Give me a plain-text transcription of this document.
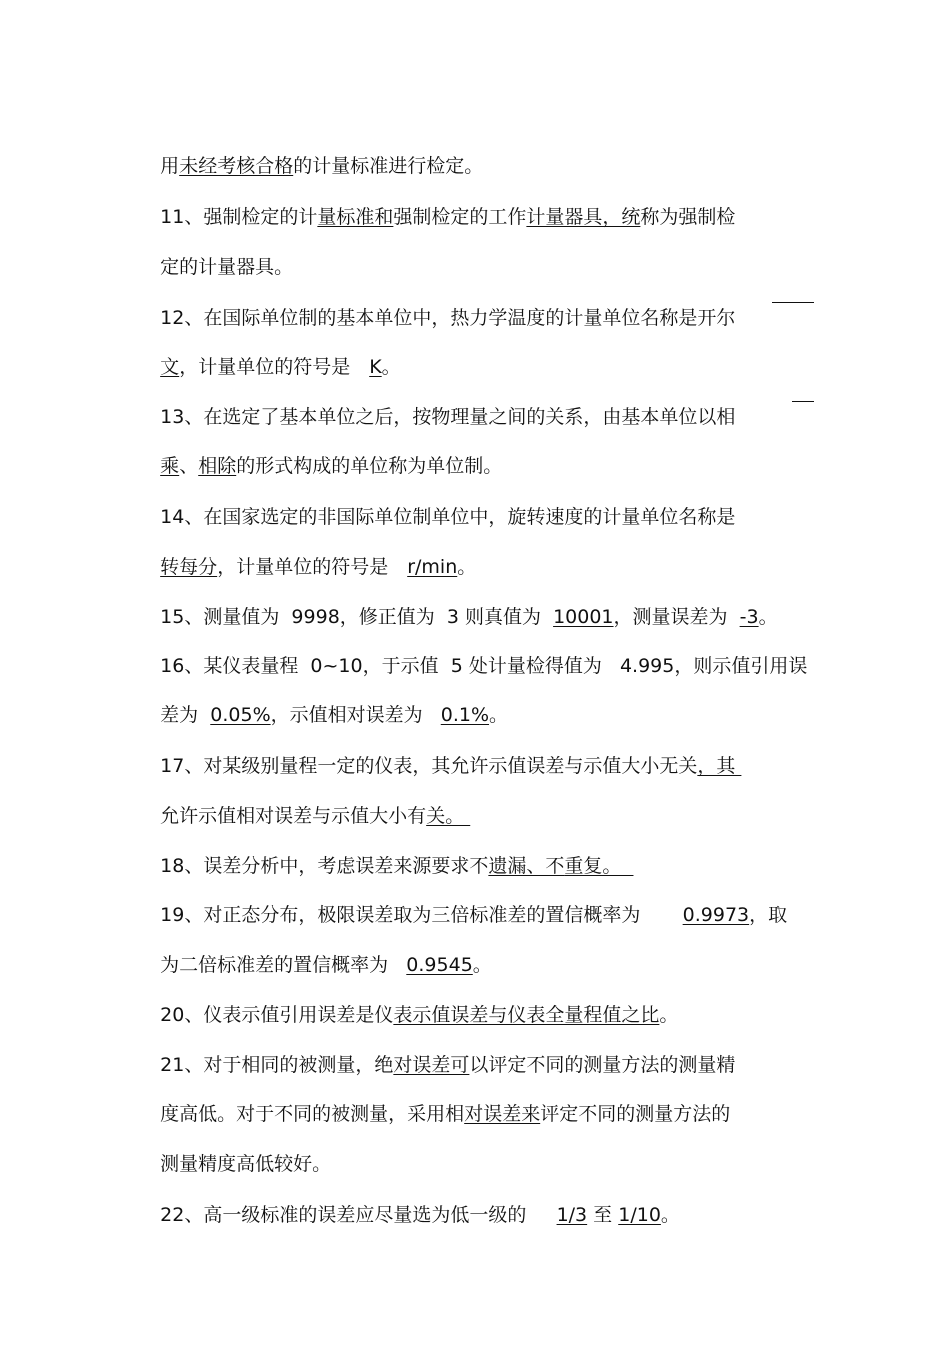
用未经考核合格的计量标准进行检定。

11、强制检定的计量标准和强制检定的工作计量器具，统称为强制检

定的计量器具。

12、在国际单位制的基本单位中，热力学温度的计量单位名称是开尔

文，计量单位的符号是　K。

13、在选定了基本单位之后，按物理量之间的关系，由基本单位以相

乘、相除的形式构成的单位称为单位制。

14、在国家选定的非国际单位制单位中，旋转速度的计量单位名称是

转每分，计量单位的符号是　r/min。

15、测量值为  9998，修正值为  3 则真值为  10001，测量误差为  -3。

16、某仪表量程  0~10，于示值  5 处计量检得值为   4.995，则示值引用误

差为  0.05%，示值相对误差为   0.1%。

17、对某级别量程一定的仪表，其允许示值误差与示值大小无关，其

允许示值相对误差与示值大小有关。

18、误差分析中，考虑误差来源要求不遗漏、不重复。

19、对正态分布，极限误差取为三倍标准差的置信概率为       0.9973，取

为二倍标准差的置信概率为   0.9545。

20、仪表示值引用误差是仪表示值误差与仪表全量程值之比。

21、对于相同的被测量，绝对误差可以评定不同的测量方法的测量精

度高低。对于不同的被测量，采用相对误差来评定不同的测量方法的

测量精度高低较好。

22、高一级标准的误差应尽量选为低一级的     1/3 至 1/10。
